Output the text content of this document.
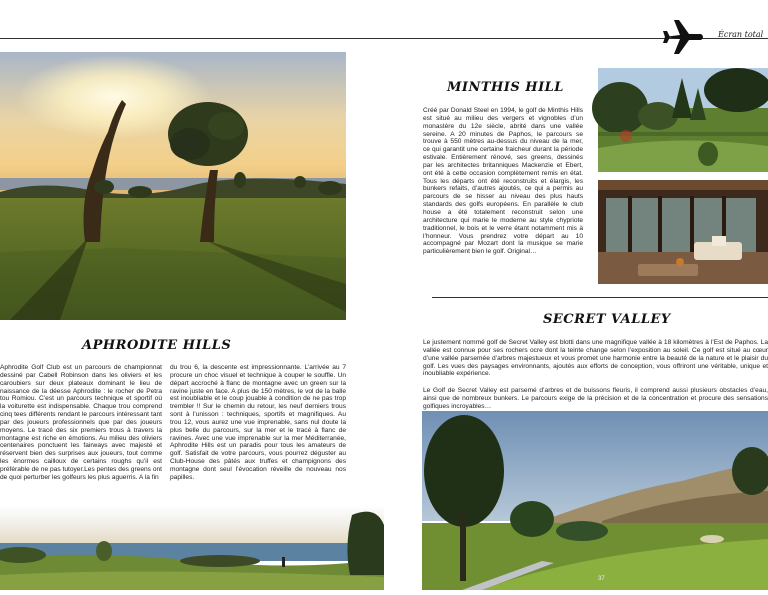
Écran total
MINTHIS HILL
Créé par Donald Steel en 1994, le golf de Minthis Hills est situé au milieu des vergers et vignobles d’un monastère du 12e siècle, abrité dans une vallée sereine. A 20 minutes de Paphos, le parcours se trouve à 550 mètres au-dessus du niveau de la mer, ce qui garantit une certaine fraicheur durant la période estivale. Entièrement rénové, ses greens, dessinés par les architectes britanniques Mackenzie et Ebert, ont été à cette occasion complètement remis en état. Tous les départs ont été reconstruits et élargis, les bunkers refaits, d’autres ajoutés, ce qui a permis au parcours de se hisser au niveau des plus hauts standards des golfs européens. En parallèle le club house a été totalement reconstruit selon une architecture qui marie le moderne au style chypriote traditionnel, le bois et le verre étant notamment mis à l’honneur. Vous prendrez votre départ au 10 accompagné par Mozart dont la musique se marie particulièrement bien le golf. Original…
APHRODITE HILLS
Aphrodite Golf Club est un parcours de championnat dessiné par Cabell Robinson dans les oliviers et les caroubiers sur deux plateaux dominant le lieu de naissance de la déesse Aphrodite : le rocher de Petra tou Romiou. C’est un parcours technique et sportif où la voiturette est indispensable. Chaque trou comprend cinq tees différents rendant le parcours intéressant tant par des joueurs professionnels que par des joueurs moyens. Le tracé des six premiers trous à travers la montagne est riche en émotions. Au milieu des oliviers centenaires ponctuent les fairways avec majesté et réservent bien des surprises aux joueurs, tout comme les énormes cailloux de certains roughs qu’il est préférable de ne pas tutoyer.Les pentes des greens ont de quoi perturber les golfeurs les plus aguerris. A la fin
du trou 6, la descente est impressionnante. L’arrivée au 7 procure un choc visuel et technique à couper le souffle. Un départ accroché à flanc de montagne avec un green sur la ravine juste en face. A plus de 150 mètres, le vol de la balle est inoubliable et le coup jouable à condition de ne pas trop trembler !! Sur le chemin du retour, les neuf derniers trous sont à l’unisson : techniques, sportifs et magnifiques. Au trou 12, vous aurez une vue imprenable, sans nul doute la plus belle du parcours, sur la mer et le tracé à flanc de ravines. Avec une vue imprenable sur la mer Méditerranée, Aphrodite Hills est un paradis pour tous les amateurs de golf. Satisfait de votre parcours, vous pourrez déguster au Club-House des pâtés aux truffes et champignons des montagne dont seul l’évocation réveille de nouveau nos papilles.
SECRET VALLEY
Le justement nommé golf de Secret Valley est blotti dans une magnifique vallée à 18 kilomètres à l’Est de Paphos. La vallée est connue pour ses rochers ocre dont la teinte change selon l’exposition au soleil. Ce golf est situé au cœur d’une vallée parsemée d’arbres majestueux et vous promet une harmonie entre la beauté de la nature et le plaisir du golf. Les vues des paysages environnants, ajoutés aux efforts de conception, vous offriront une véritable, unique et inoubliable expérience.
Le Golf de Secret Valley est parsemé d’arbres et de buissons fleuris, il comprend aussi plusieurs obstacles d’eau, ainsi que de nombreux bunkers. Le parcours exige de la précision et de la concentration et procure des sensations golfiques incroyables…
37
